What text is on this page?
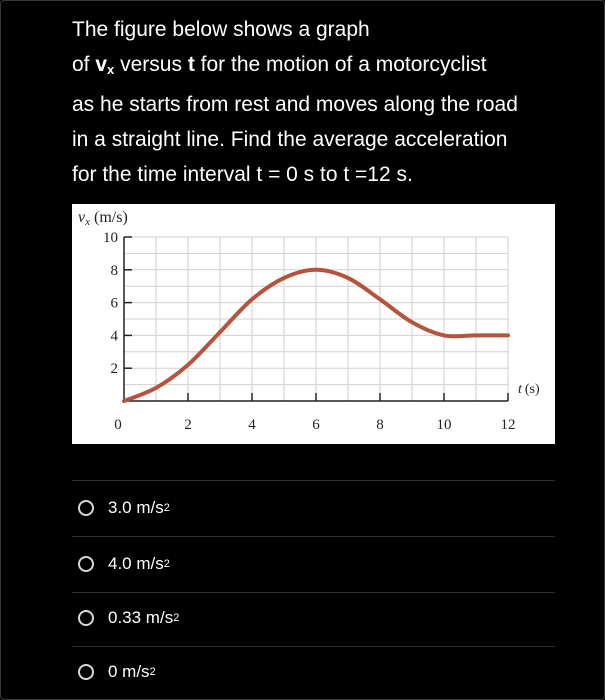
The figure below shows a graph
of $v_x$ versus t for the motion of a motorcyclist
as he starts from rest and moves along the road
in a straight line. Find the average acceleration
for the time interval t = 0 s to t =12 s.

2
4
6
8
10
0	2	4	6	8	10	12
vx (m/s)
t (s)
3.0 m/s 2
4.0 m/s 2
0.33 m/s 2
0 m/s 2
